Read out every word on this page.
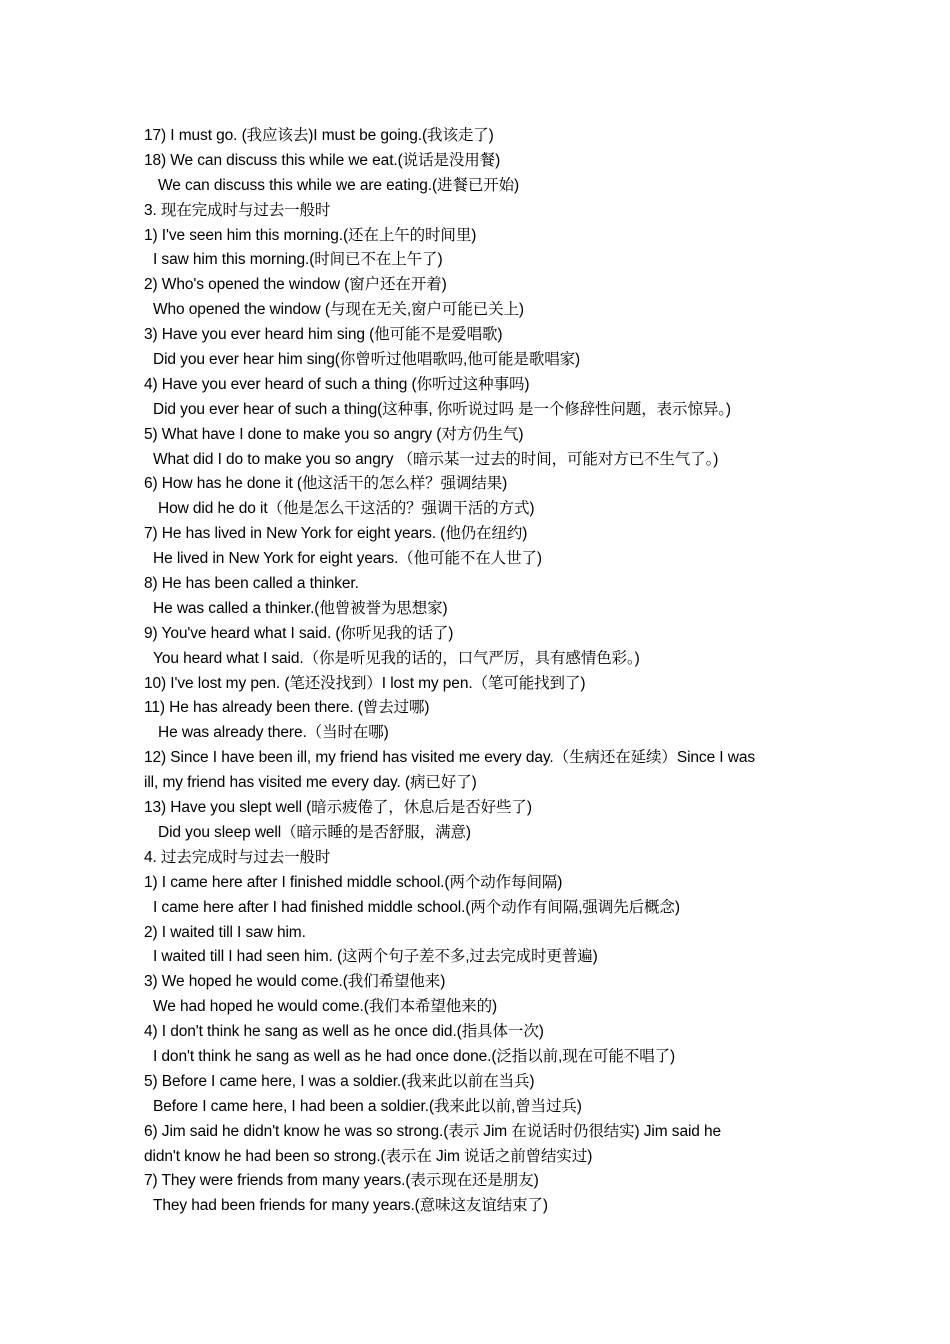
17) I must go. (我应该去)I must be going.(我该走了)
18) We can discuss this while we eat.(说话是没用餐)
We can discuss this while we are eating.(进餐已开始)
3. 现在完成时与过去一般时
1) I've seen him this morning.(还在上午的时间里)
I saw him this morning.(时间已不在上午了)
2) Who's opened the window (窗户还在开着)
Who opened the window (与现在无关,窗户可能已关上)
3) Have you ever heard him sing (他可能不是爱唱歌)
Did you ever hear him sing(你曾听过他唱歌吗,他可能是歌唱家)
4) Have you ever heard of such a thing (你听过这种事吗)
Did you ever hear of such a thing(这种事, 你听说过吗 是一个修辞性问题，表示惊异。)
5) What have I done to make you so angry (对方仍生气)
What did I do to make you so angry （暗示某一过去的时间，可能对方已不生气了。)
6) How has he done it (他这活干的怎么样？强调结果)
How did he do it（他是怎么干这活的？强调干活的方式)
7) He has lived in New York for eight years. (他仍在纽约)
He lived in New York for eight years.（他可能不在人世了)
8) He has been called a thinker.
He was called a thinker.(他曾被誉为思想家)
9) You've heard what I said. (你听见我的话了)
You heard what I said.（你是听见我的话的，口气严厉，具有感情色彩。)
10) I've lost my pen. (笔还没找到）I lost my pen.（笔可能找到了)
11) He has already been there. (曾去过哪)
He was already there.（当时在哪)
12) Since I have been ill, my friend has visited me every day.（生病还在延续）Since I was
ill, my friend has visited me every day. (病已好了)
13) Have you slept well (暗示疲倦了，休息后是否好些了)
Did you sleep well（暗示睡的是否舒服，满意)
4. 过去完成时与过去一般时
1) I came here after I finished middle school.(两个动作每间隔)
I came here after I had finished middle school.(两个动作有间隔,强调先后概念)
2) I waited till I saw him.
I waited till I had seen him. (这两个句子差不多,过去完成时更普遍)
3) We hoped he would come.(我们希望他来)
We had hoped he would come.(我们本希望他来的)
4) I don't think he sang as well as he once did.(指具体一次)
I don't think he sang as well as he had once done.(泛指以前,现在可能不唱了)
5) Before I came here, I was a soldier.(我来此以前在当兵)
Before I came here, I had been a soldier.(我来此以前,曾当过兵)
6) Jim said he didn't know he was so strong.(表示 Jim 在说话时仍很结实) Jim said he
didn't know he had been so strong.(表示在 Jim 说话之前曾结实过)
7) They were friends from many years.(表示现在还是朋友)
They had been friends for many years.(意味这友谊结束了)
